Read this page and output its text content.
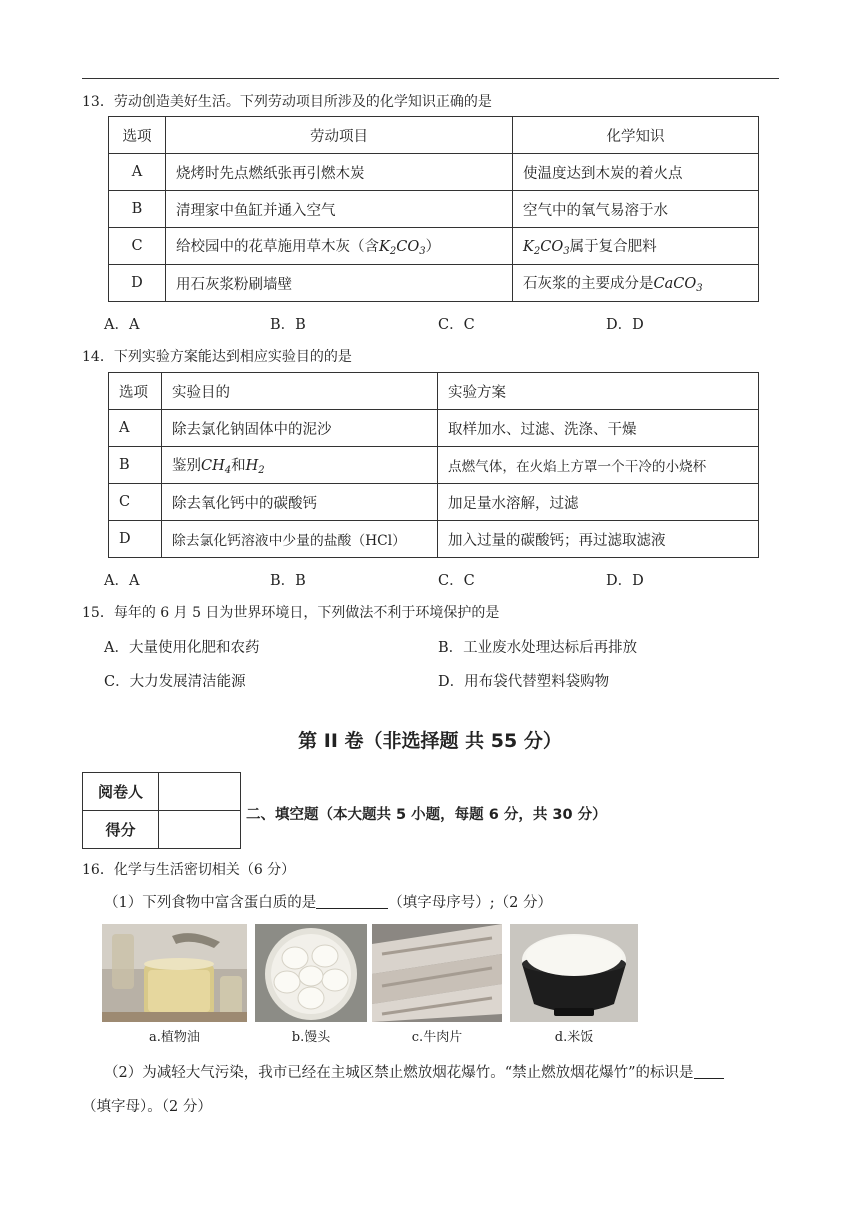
13．劳动创造美好生活。下列劳动项目所涉及的化学知识正确的是
选项	劳动项目	化学知识
A	烧烤时先点燃纸张再引燃木炭	使温度达到木炭的着火点
B	清理家中鱼缸并通入空气	空气中的氧气易溶于水
C	给校园中的花草施用草木灰（含$K_2CO_3$）	$K_2CO_3$属于复合肥料
D	用石灰浆粉刷墙壁	石灰浆的主要成分是CaCO$_3$
A．A	B．B	C．C	D．D
14．下列实验方案能达到相应实验目的的是
选项	实验目的	实验方案
A	除去氯化钠固体中的泥沙	取样加水、过滤、洗涤、干燥
B	鉴别$CH_4$和$H_2$	点燃气体，在火焰上方罩一个干冷的小烧杯
C	除去氧化钙中的碳酸钙	加足量水溶解，过滤
D	除去氯化钙溶液中少量的盐酸（HCl）	加入过量的碳酸钙；再过滤取滤液
A．A	B．B	C．C	D．D
15．每年的 6 月 5 日为世界环境日，下列做法不利于环境保护的是
A．大量使用化肥和农药	B．工业废水处理达标后再排放
C．大力发展清洁能源	D．用布袋代替塑料袋购物
第 II 卷（非选择题 共 55 分）
阅卷人	
得分	
二、填空题（本大题共 5 小题，每题 6 分，共 30 分）
16．化学与生活密切相关（6 分）
（1）下列食物中富含蛋白质的是	（填字母序号）;（2 分）
a.植物油	b.馒头	c.牛肉片	d.米饭
（2）为减轻大气污染，我市已经在主城区禁止燃放烟花爆竹。“禁止燃放烟花爆竹”的标识是
（填字母）。（2 分）
